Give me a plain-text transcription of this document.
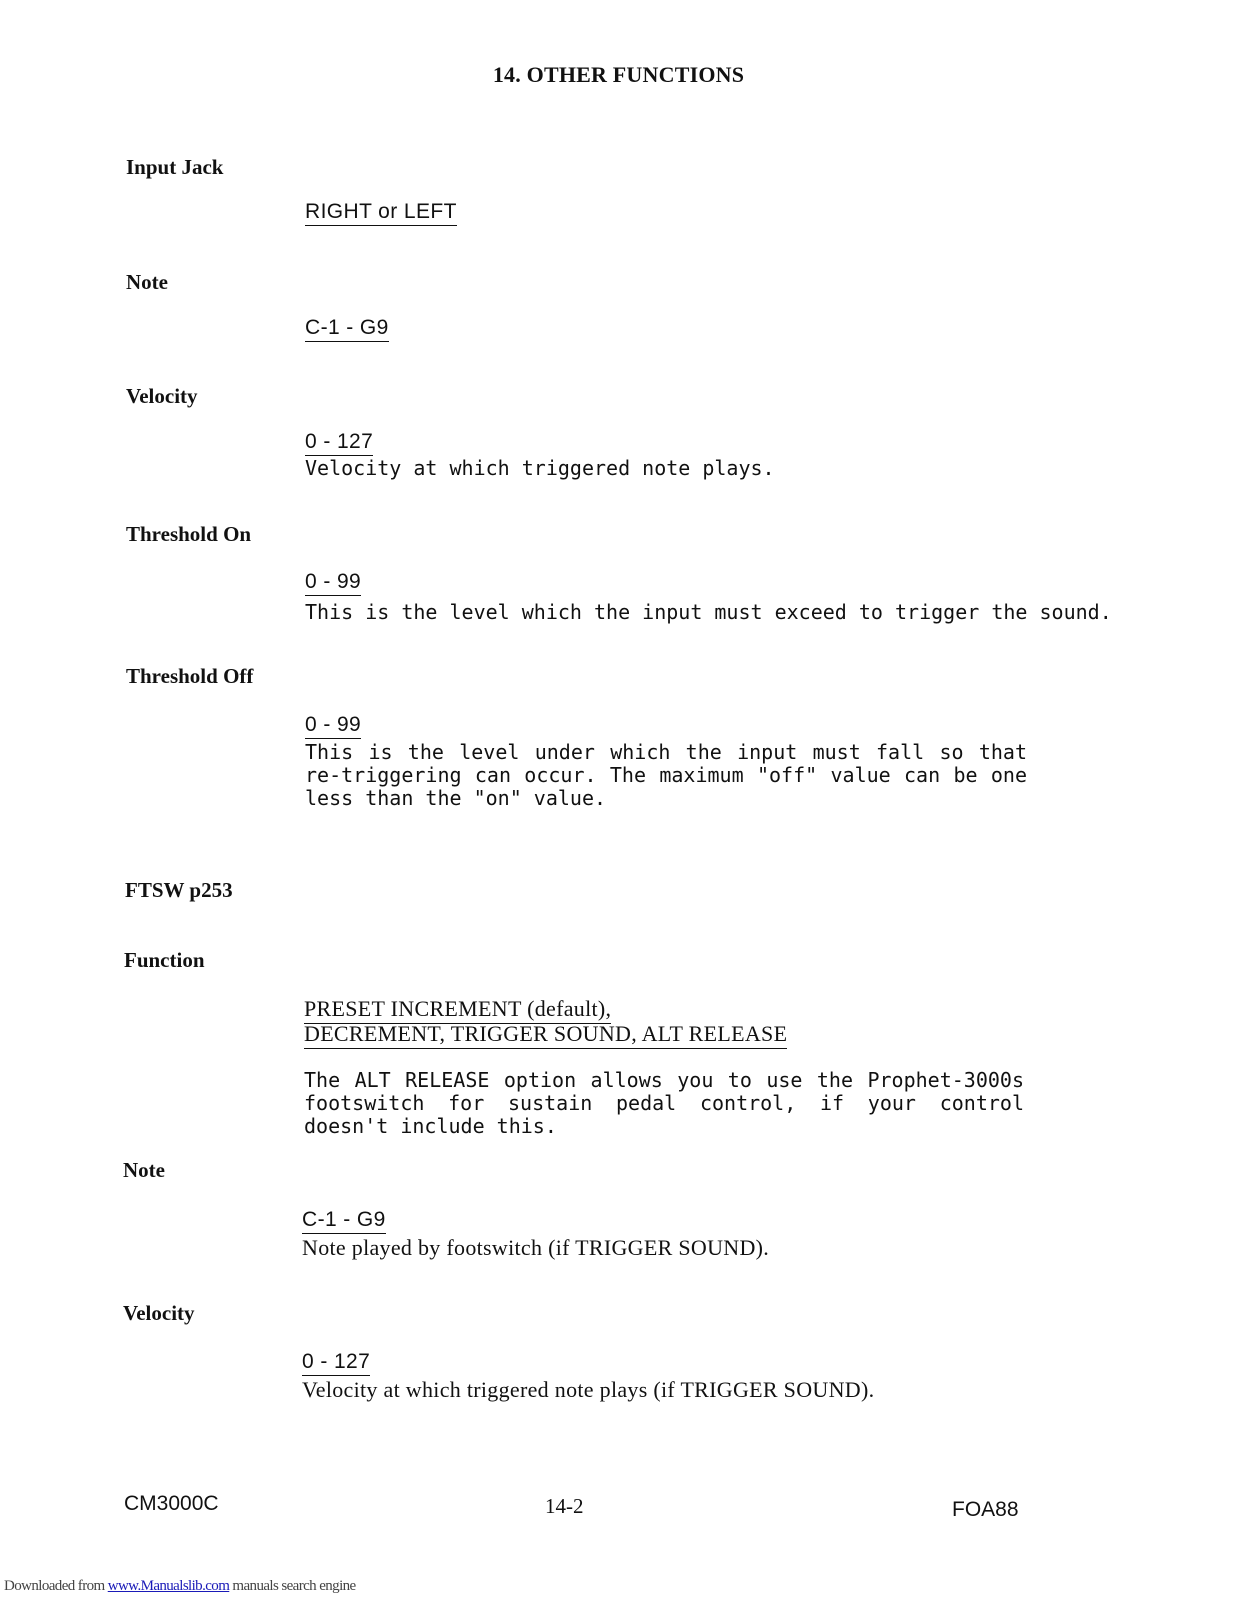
14. OTHER FUNCTIONS
Input Jack
RIGHT or LEFT
Note
C-1 - G9
Velocity
0 - 127
Velocity at which triggered note plays.
Threshold On
0 - 99
This is the level which the input must exceed to trigger the sound.
Threshold Off
0 - 99
This is the level under which the input must fall so that re-triggering can occur. The maximum "off" value can be one less than the "on" value.
FTSW p253
Function
PRESET INCREMENT (default),
DECREMENT, TRIGGER SOUND, ALT RELEASE
The ALT RELEASE option allows you to use the Prophet-3000s footswitch for sustain pedal control, if your control doesn't include this.
Note
C-1 - G9
Note played by footswitch (if TRIGGER SOUND).
Velocity
0 - 127
Velocity at which triggered note plays (if TRIGGER SOUND).
CM3000C	14-2	FOA88
Downloaded from www.Manualslib.com manuals search engine
